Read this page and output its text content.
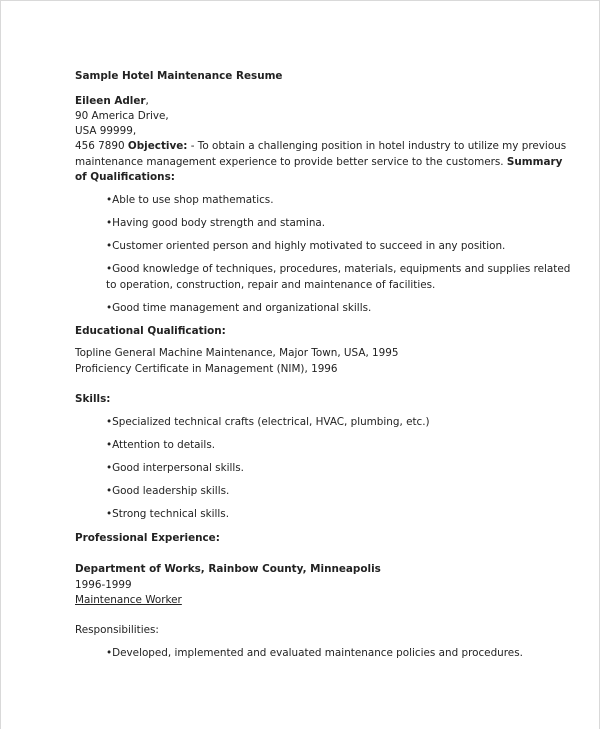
Sample Hotel Maintenance Resume
Eileen Adler,
90 America Drive,
USA 99999,
456 7890 Objective: - To obtain a challenging position in hotel industry to utilize my previous
maintenance management experience to provide better service to the customers. Summary
of Qualifications:
•Able to use shop mathematics.
•Having good body strength and stamina.
•Customer oriented person and highly motivated to succeed in any position.
•Good knowledge of techniques, procedures, materials, equipments and supplies related
to operation, construction, repair and maintenance of facilities.
•Good time management and organizational skills.
Educational Qualification:
Topline General Machine Maintenance, Major Town, USA, 1995
Proficiency Certificate in Management (NIM), 1996
Skills:
•Specialized technical crafts (electrical, HVAC, plumbing, etc.)
•Attention to details.
•Good interpersonal skills.
•Good leadership skills.
•Strong technical skills.
Professional Experience:
Department of Works, Rainbow County, Minneapolis
1996-1999
Maintenance Worker
Responsibilities:
•Developed, implemented and evaluated maintenance policies and procedures.
